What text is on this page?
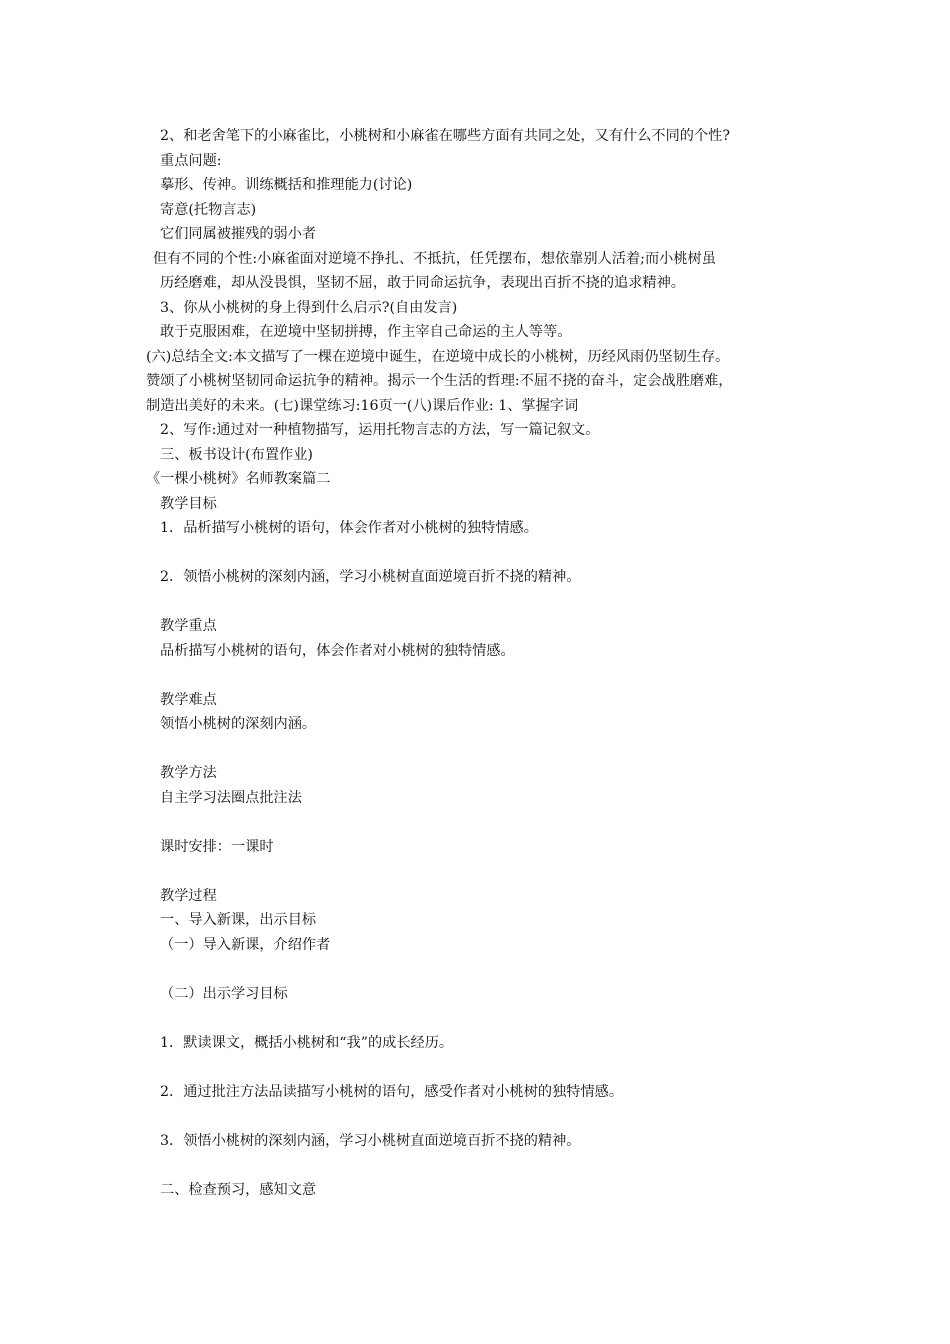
2、和老舍笔下的小麻雀比，小桃树和小麻雀在哪些方面有共同之处，又有什么不同的个性?
重点问题:
摹形、传神。训练概括和推理能力(讨论)
寄意(托物言志)
它们同属被摧残的弱小者
但有不同的个性:小麻雀面对逆境不挣扎、不抵抗，任凭摆布，想依靠别人活着;而小桃树虽
历经磨难，却从没畏惧，坚韧不屈，敢于同命运抗争，表现出百折不挠的追求精神。
3、你从小桃树的身上得到什么启示?(自由发言)
敢于克服困难，在逆境中坚韧拼搏，作主宰自己命运的主人等等。
(六)总结全文:本文描写了一棵在逆境中诞生，在逆境中成长的小桃树，历经风雨仍坚韧生存。
赞颂了小桃树坚韧同命运抗争的精神。揭示一个生活的哲理:不屈不挠的奋斗，定会战胜磨难，
制造出美好的未来。(七)课堂练习:16页一(八)课后作业: 1、掌握字词
2、写作:通过对一种植物描写，运用托物言志的方法，写一篇记叙文。
三、板书设计(布置作业)
《一棵小桃树》名师教案篇二
教学目标
1．品析描写小桃树的语句，体会作者对小桃树的独特情感。
2．领悟小桃树的深刻内涵，学习小桃树直面逆境百折不挠的精神。
教学重点
品析描写小桃树的语句，体会作者对小桃树的独特情感。
教学难点
领悟小桃树的深刻内涵。
教学方法
自主学习法圈点批注法
课时安排：一课时
教学过程
一、导入新课，出示目标
（一）导入新课，介绍作者
（二）出示学习目标
1．默读课文，概括小桃树和“我”的成长经历。
2．通过批注方法品读描写小桃树的语句，感受作者对小桃树的独特情感。
3．领悟小桃树的深刻内涵，学习小桃树直面逆境百折不挠的精神。
二、检查预习，感知文意
